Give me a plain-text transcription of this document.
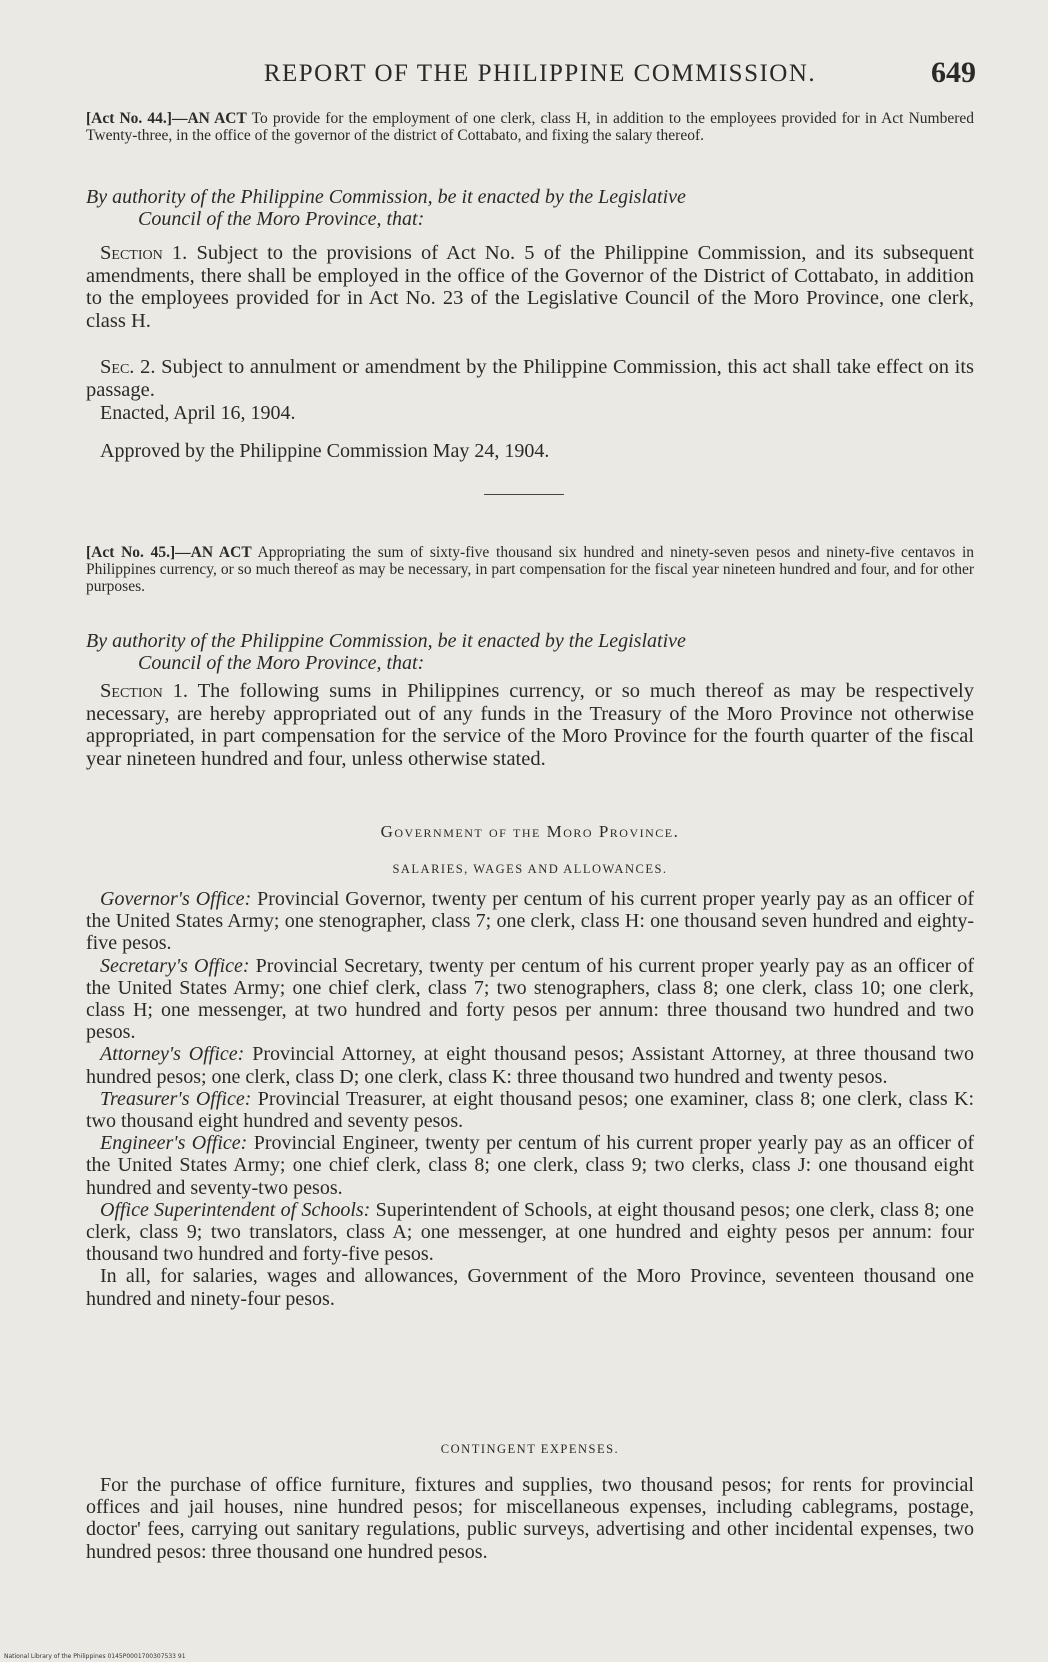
REPORT OF THE PHILIPPINE COMMISSION.	649
[Act No. 44.]—AN ACT To provide for the employment of one clerk, class H, in addition to the employees provided for in Act Numbered Twenty-three, in the office of the governor of the district of Cottabato, and fixing the salary thereof.
By authority of the Philippine Commission, be it enacted by the Legislative
Council of the Moro Province, that:
Section 1. Subject to the provisions of Act No. 5 of the Philippine Commission, and its subsequent amendments, there shall be employed in the office of the Governor of the District of Cottabato, in addition to the employees provided for in Act No. 23 of the Legislative Council of the Moro Province, one clerk, class H.
Sec. 2. Subject to annulment or amendment by the Philippine Commission, this act shall take effect on its passage.
Enacted, April 16, 1904.
Approved by the Philippine Commission May 24, 1904.
[Act No. 45.]—AN ACT Appropriating the sum of sixty-five thousand six hundred and ninety-seven pesos and ninety-five centavos in Philippines currency, or so much thereof as may be necessary, in part compensation for the fiscal year nineteen hundred and four, and for other purposes.
By authority of the Philippine Commission, be it enacted by the Legislative
Council of the Moro Province, that:
Section 1. The following sums in Philippines currency, or so much thereof as may be respectively necessary, are hereby appropriated out of any funds in the Treasury of the Moro Province not otherwise appropriated, in part compensation for the service of the Moro Province for the fourth quarter of the fiscal year nineteen hundred and four, unless otherwise stated.
Government of the Moro Province.
SALARIES, WAGES AND ALLOWANCES.
Governor's Office: Provincial Governor, twenty per centum of his current proper yearly pay as an officer of the United States Army; one stenographer, class 7; one clerk, class H: one thousand seven hundred and eighty-five pesos.
Secretary's Office: Provincial Secretary, twenty per centum of his current proper yearly pay as an officer of the United States Army; one chief clerk, class 7; two stenographers, class 8; one clerk, class 10; one clerk, class H; one messenger, at two hundred and forty pesos per annum: three thousand two hundred and two pesos.
Attorney's Office: Provincial Attorney, at eight thousand pesos; Assistant Attorney, at three thousand two hundred pesos; one clerk, class D; one clerk, class K: three thousand two hundred and twenty pesos.
Treasurer's Office: Provincial Treasurer, at eight thousand pesos; one examiner, class 8; one clerk, class K: two thousand eight hundred and seventy pesos.
Engineer's Office: Provincial Engineer, twenty per centum of his current proper yearly pay as an officer of the United States Army; one chief clerk, class 8; one clerk, class 9; two clerks, class J: one thousand eight hundred and seventy-two pesos.
Office Superintendent of Schools: Superintendent of Schools, at eight thousand pesos; one clerk, class 8; one clerk, class 9; two translators, class A; one messenger, at one hundred and eighty pesos per annum: four thousand two hundred and forty-five pesos.
In all, for salaries, wages and allowances, Government of the Moro Province, seventeen thousand one hundred and ninety-four pesos.
CONTINGENT EXPENSES.
For the purchase of office furniture, fixtures and supplies, two thousand pesos; for rents for provincial offices and jail houses, nine hundred pesos; for miscellaneous expenses, including cablegrams, postage, doctor' fees, carrying out sanitary regulations, public surveys, advertising and other incidental expenses, two hundred pesos: three thousand one hundred pesos.
National Library of the Philippines 0145P0001700307533 91
